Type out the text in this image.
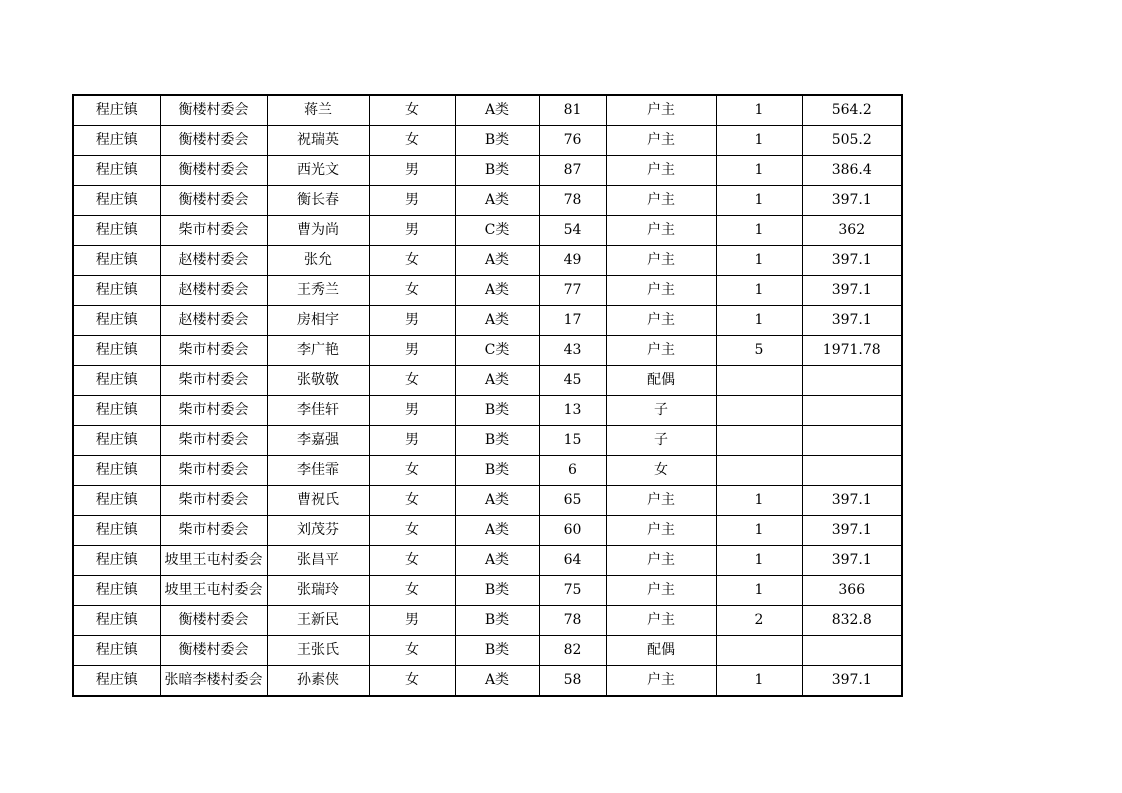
程庄镇	衡楼村委会	蒋兰	女	A类	81	户主	1	564.2
程庄镇	衡楼村委会	祝瑞英	女	B类	76	户主	1	505.2
程庄镇	衡楼村委会	西光文	男	B类	87	户主	1	386.4
程庄镇	衡楼村委会	衡长春	男	A类	78	户主	1	397.1
程庄镇	柴市村委会	曹为尚	男	C类	54	户主	1	362
程庄镇	赵楼村委会	张允	女	A类	49	户主	1	397.1
程庄镇	赵楼村委会	王秀兰	女	A类	77	户主	1	397.1
程庄镇	赵楼村委会	房相宇	男	A类	17	户主	1	397.1
程庄镇	柴市村委会	李广艳	男	C类	43	户主	5	1971.78
程庄镇	柴市村委会	张敬敬	女	A类	45	配偶		
程庄镇	柴市村委会	李佳轩	男	B类	13	子		
程庄镇	柴市村委会	李嘉强	男	B类	15	子		
程庄镇	柴市村委会	李佳霏	女	B类	6	女		
程庄镇	柴市村委会	曹祝氏	女	A类	65	户主	1	397.1
程庄镇	柴市村委会	刘茂芬	女	A类	60	户主	1	397.1
程庄镇	坡里王屯村委会	张昌平	女	A类	64	户主	1	397.1
程庄镇	坡里王屯村委会	张瑞玲	女	B类	75	户主	1	366
程庄镇	衡楼村委会	王新民	男	B类	78	户主	2	832.8
程庄镇	衡楼村委会	王张氏	女	B类	82	配偶		
程庄镇	张暗李楼村委会	孙素侠	女	A类	58	户主	1	397.1
